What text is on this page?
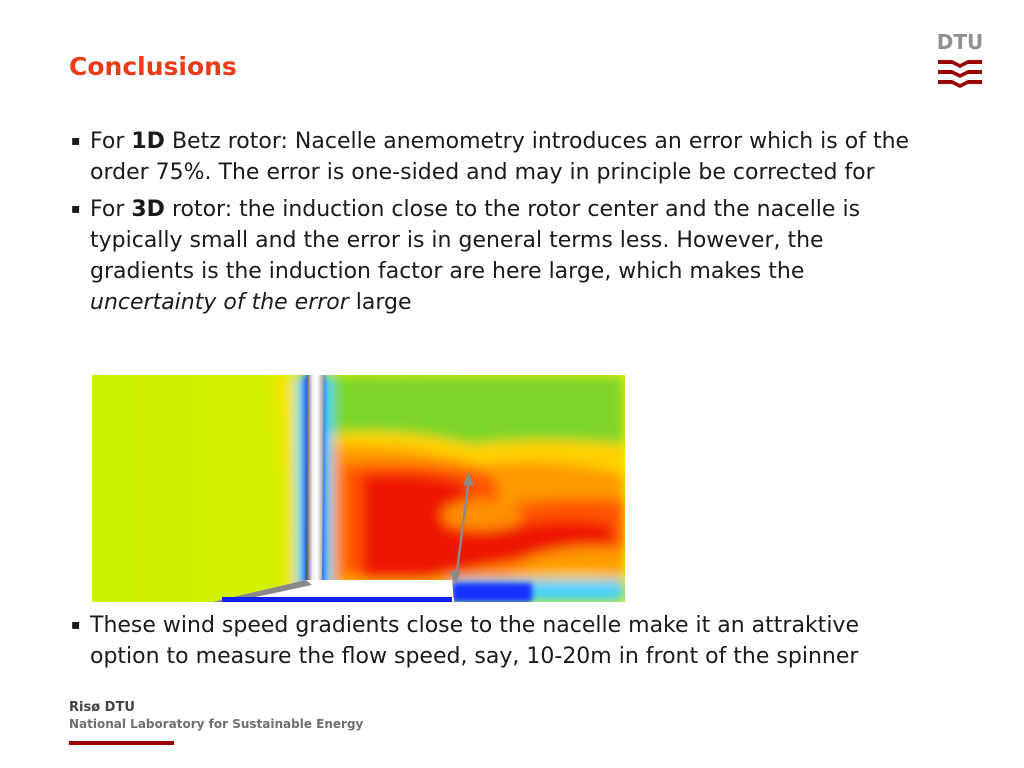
Conclusions
DTU
▪ For 1D Betz rotor: Nacelle anemometry introduces an error which is of the order 75%. The error is one-sided and may in principle be corrected for
▪ For 3D rotor: the induction close to the rotor center and the nacelle is typically small and the error is in general terms less. However, the gradients is the induction factor are here large, which makes the uncertainty of the error large
▪ These wind speed gradients close to the nacelle make it an attraktive option to measure the flow speed, say, 10-20m in front of the spinner
Risø DTU
National Laboratory for Sustainable Energy
